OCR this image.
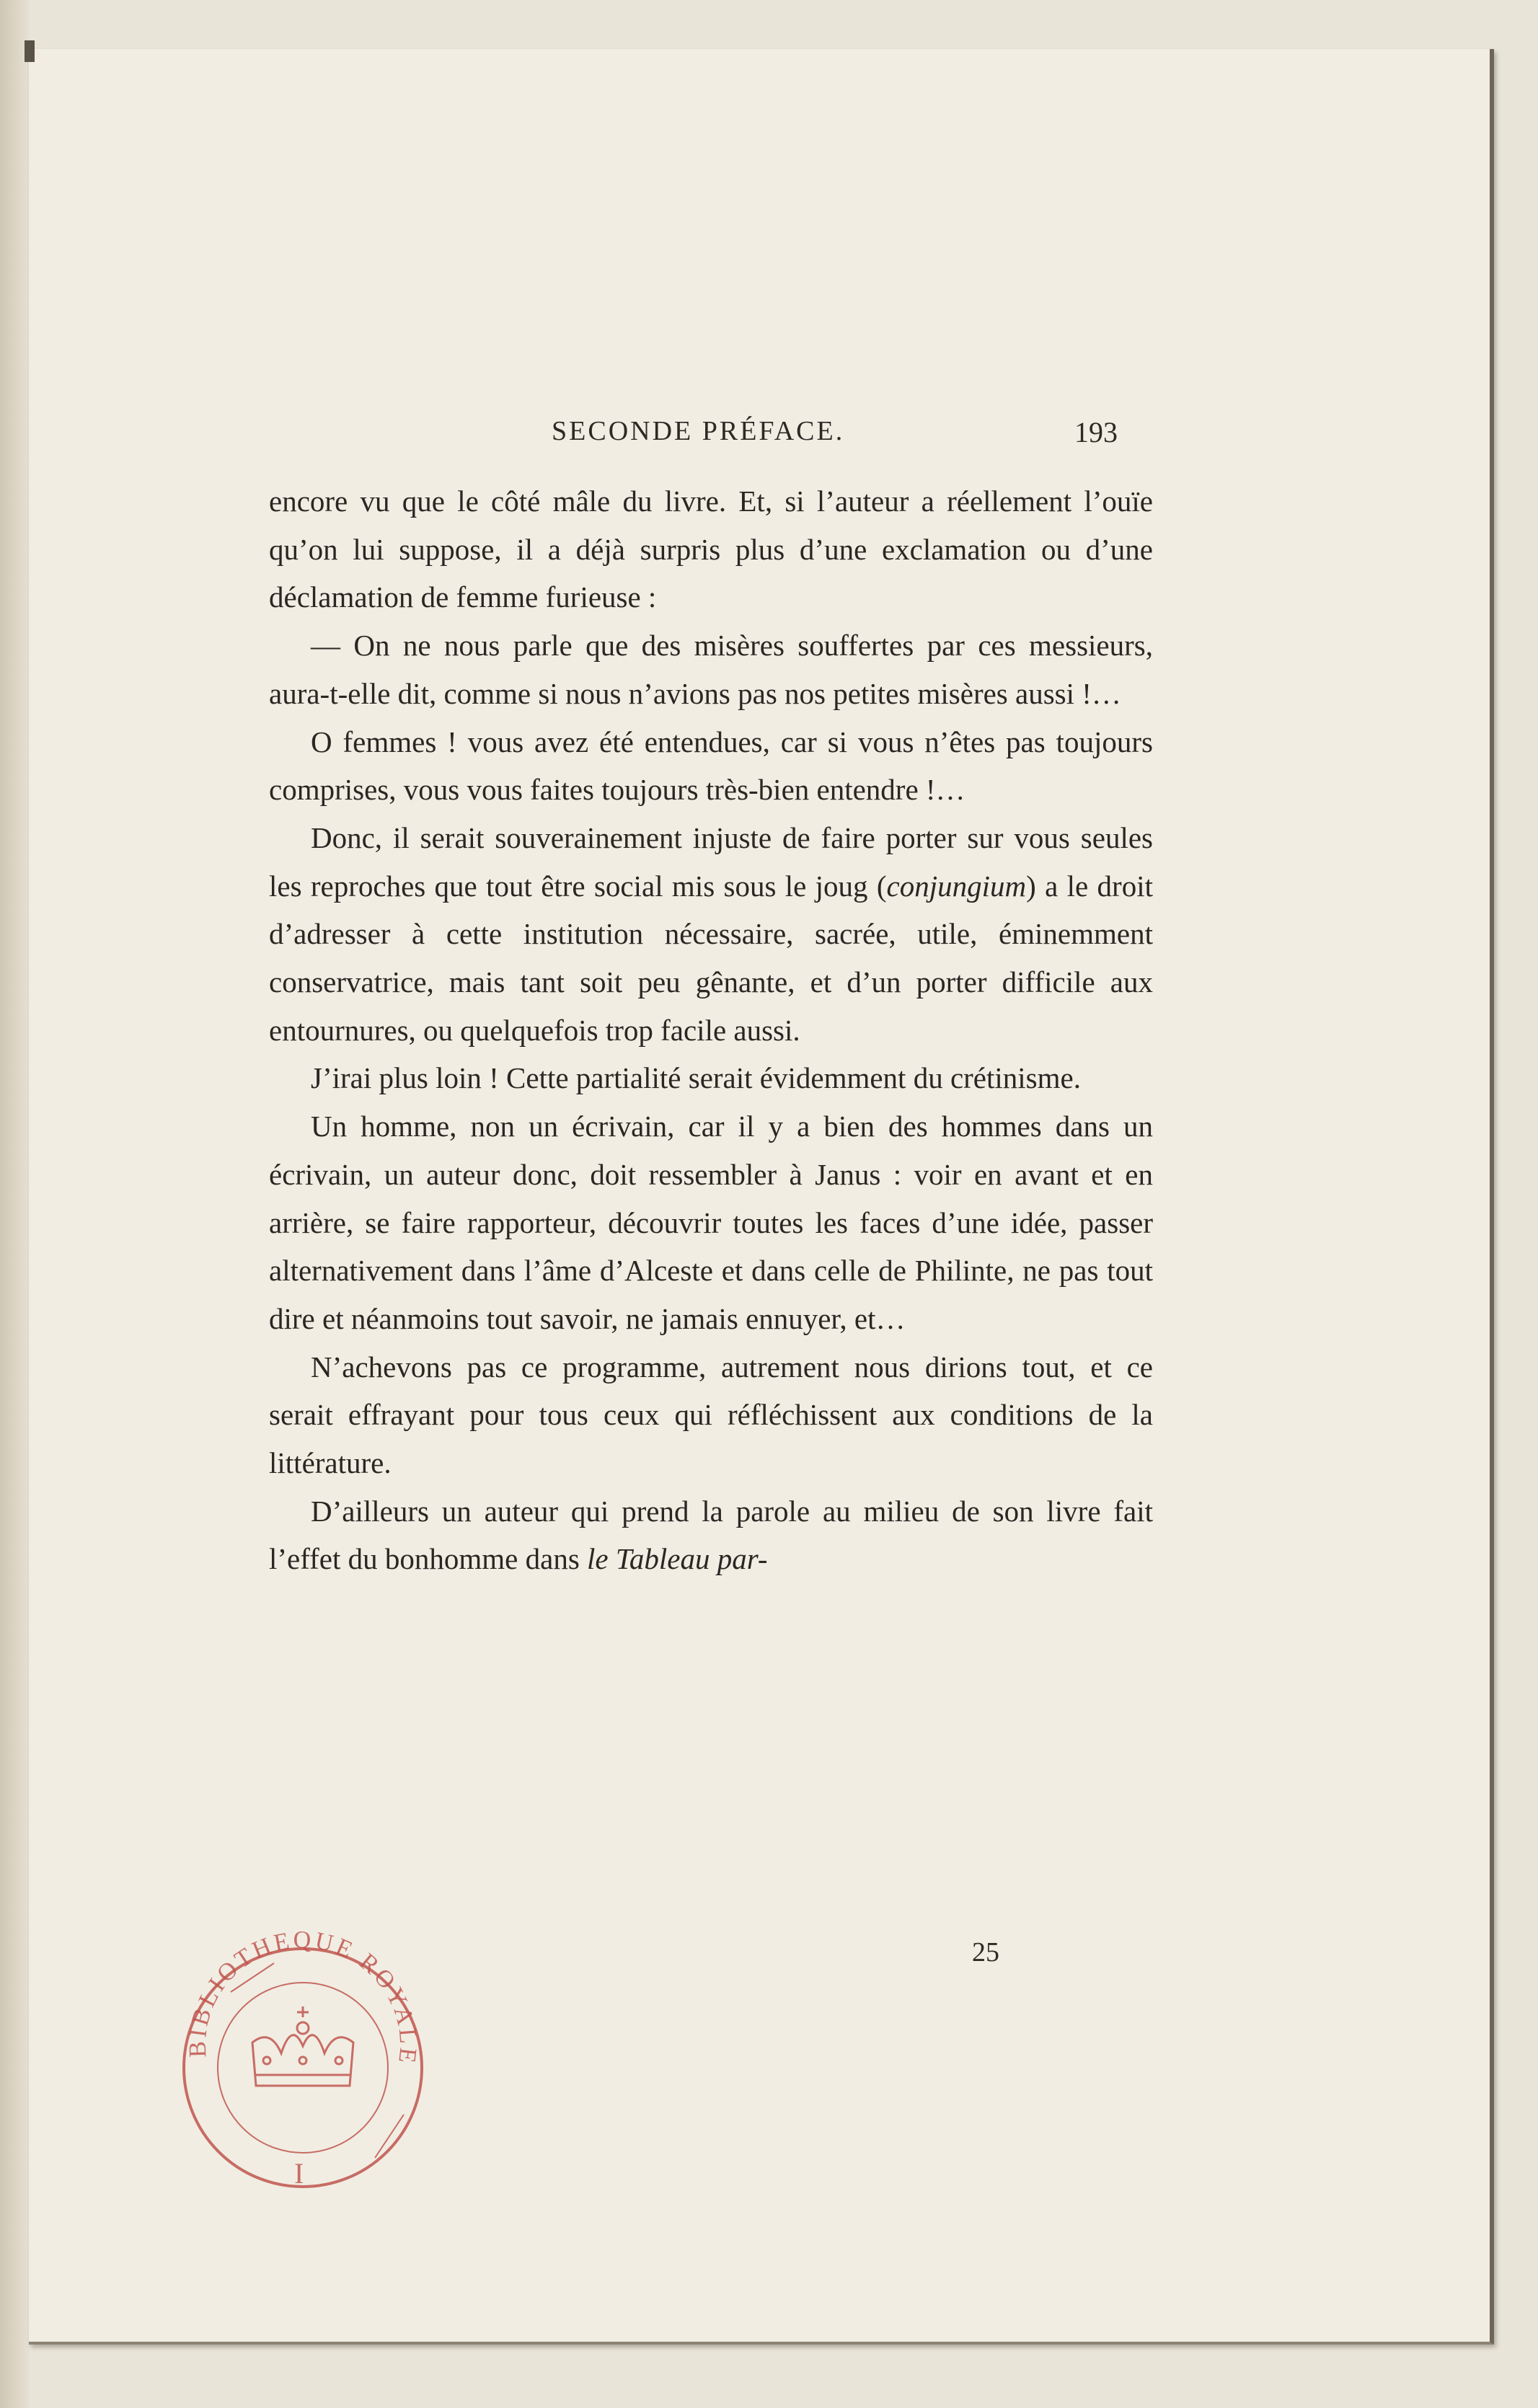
SECONDE PRÉFACE.	193

encore vu que le côté mâle du livre. Et, si l’auteur a réellement l’ouïe qu’on lui suppose, il a déjà surpris plus d’une exclamation ou d’une déclamation de femme furieuse :

— On ne nous parle que des misères souffertes par ces messieurs, aura-t-elle dit, comme si nous n’avions pas nos petites misères aussi !…

O femmes ! vous avez été entendues, car si vous n’êtes pas toujours comprises, vous vous faites toujours très-bien entendre !…

Donc, il serait souverainement injuste de faire porter sur vous seules les reproches que tout être social mis sous le joug (conjungium) a le droit d’adresser à cette institution nécessaire, sacrée, utile, éminemment conservatrice, mais tant soit peu gênante, et d’un porter difficile aux entournures, ou quelquefois trop facile aussi.

J’irai plus loin ! Cette partialité serait évidemment du crétinisme.

Un homme, non un écrivain, car il y a bien des hommes dans un écrivain, un auteur donc, doit ressembler à Janus : voir en avant et en arrière, se faire rapporteur, découvrir toutes les faces d’une idée, passer alternativement dans l’âme d’Alceste et dans celle de Philinte, ne pas tout dire et néanmoins tout savoir, ne jamais ennuyer, et…

N’achevons pas ce programme, autrement nous dirions tout, et ce serait effrayant pour tous ceux qui réfléchissent aux conditions de la littérature.

D’ailleurs un auteur qui prend la parole au milieu de son livre fait l’effet du bonhomme dans le Tableau par-

25
BIBLIOTHEQUE ROYALE
I
